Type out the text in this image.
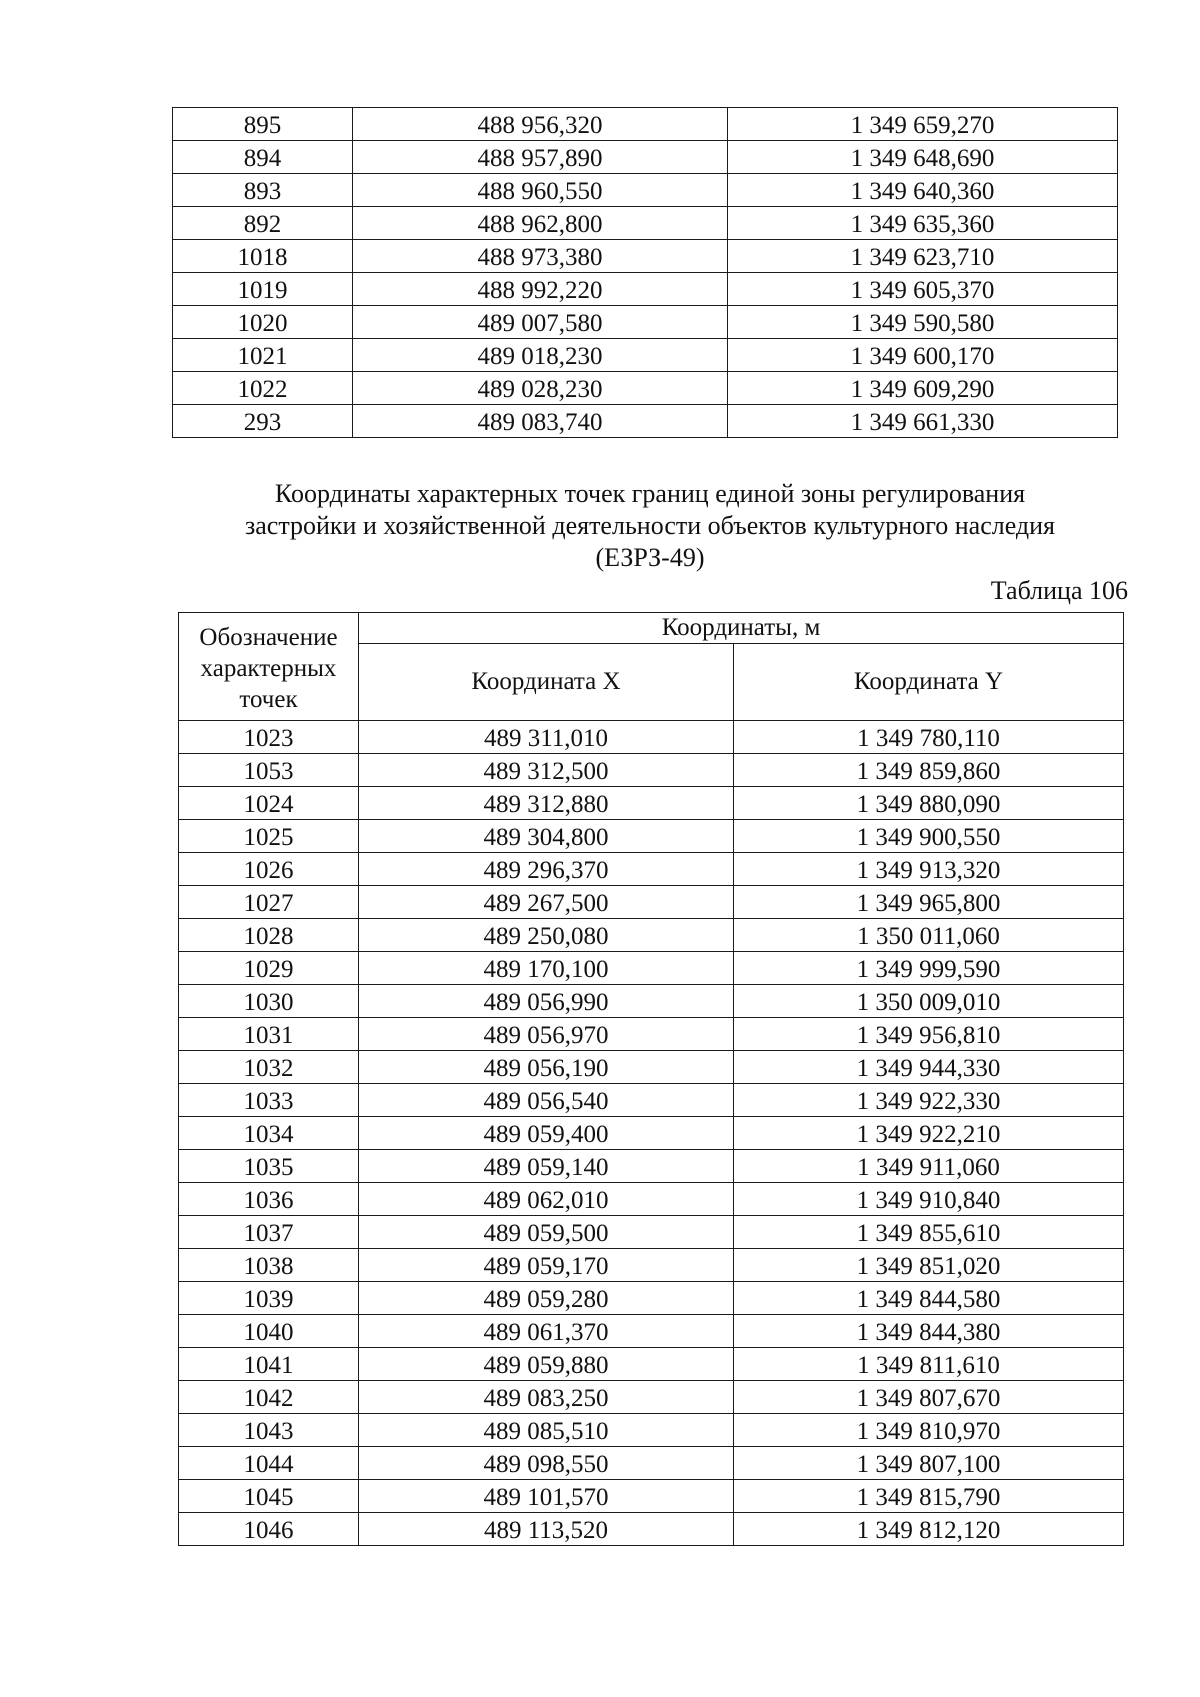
895	488 956,320	1 349 659,270
894	488 957,890	1 349 648,690
893	488 960,550	1 349 640,360
892	488 962,800	1 349 635,360
1018	488 973,380	1 349 623,710
1019	488 992,220	1 349 605,370
1020	489 007,580	1 349 590,580
1021	489 018,230	1 349 600,170
1022	489 028,230	1 349 609,290
293	489 083,740	1 349 661,330
Координаты характерных точек границ единой зоны регулирования
застройки и хозяйственной деятельности объектов культурного наследия
(ЕЗРЗ-49)
Таблица 106
Обозначение характерных точек	Координаты, м	
	Координата X	Координата Y
1023	489 311,010	1 349 780,110
1053	489 312,500	1 349 859,860
1024	489 312,880	1 349 880,090
1025	489 304,800	1 349 900,550
1026	489 296,370	1 349 913,320
1027	489 267,500	1 349 965,800
1028	489 250,080	1 350 011,060
1029	489 170,100	1 349 999,590
1030	489 056,990	1 350 009,010
1031	489 056,970	1 349 956,810
1032	489 056,190	1 349 944,330
1033	489 056,540	1 349 922,330
1034	489 059,400	1 349 922,210
1035	489 059,140	1 349 911,060
1036	489 062,010	1 349 910,840
1037	489 059,500	1 349 855,610
1038	489 059,170	1 349 851,020
1039	489 059,280	1 349 844,580
1040	489 061,370	1 349 844,380
1041	489 059,880	1 349 811,610
1042	489 083,250	1 349 807,670
1043	489 085,510	1 349 810,970
1044	489 098,550	1 349 807,100
1045	489 101,570	1 349 815,790
1046	489 113,520	1 349 812,120
